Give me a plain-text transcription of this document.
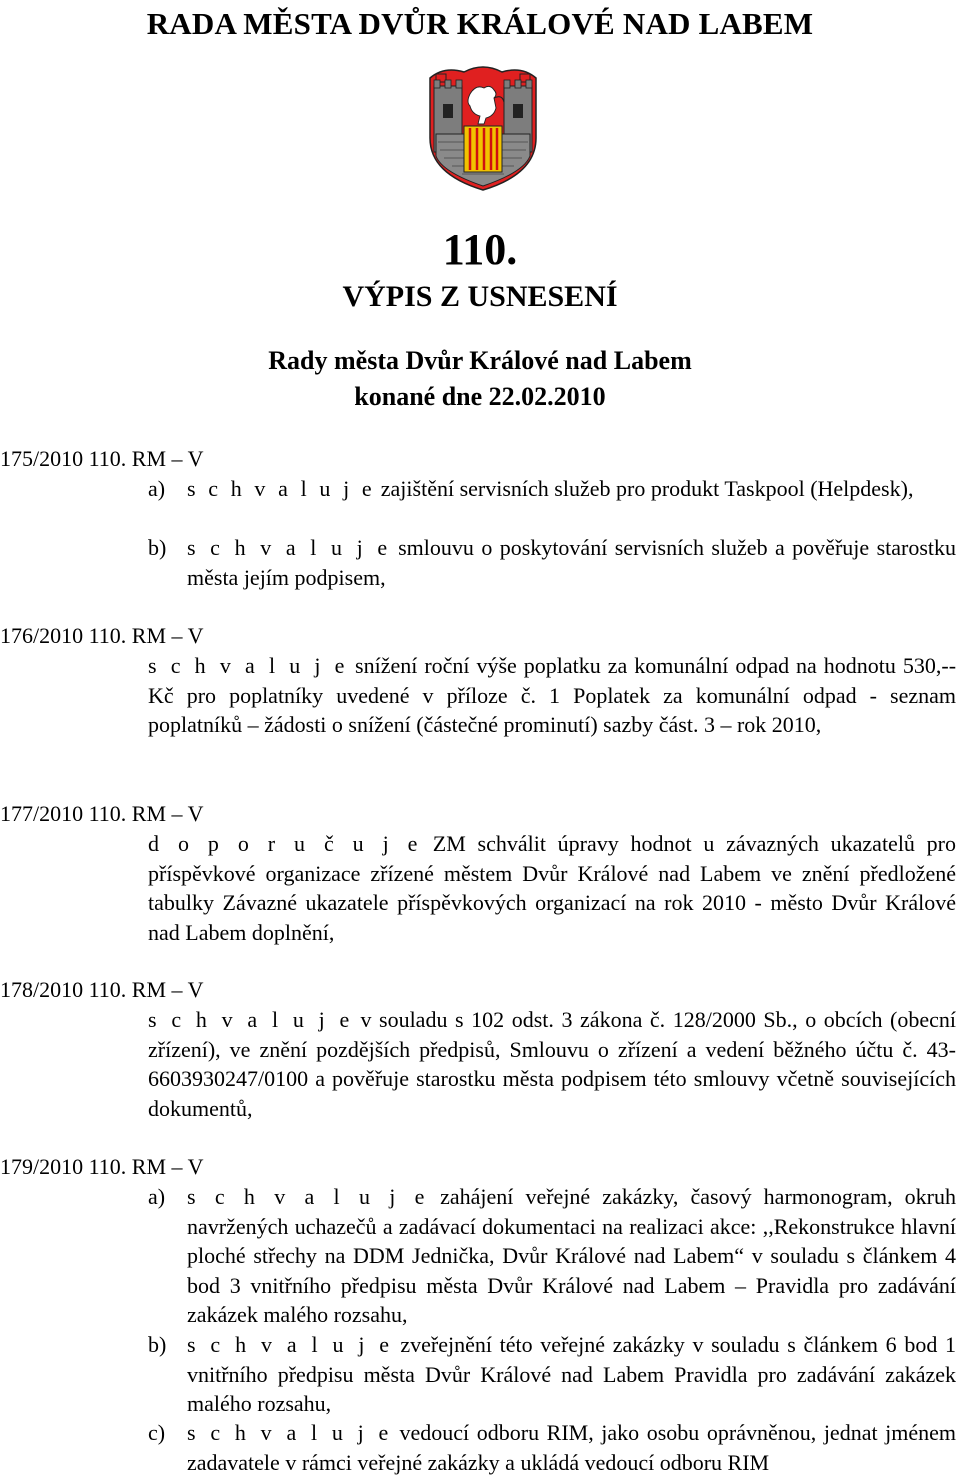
RADA MĚSTA DVŮR KRÁLOVÉ NAD LABEM
110.
VÝPIS Z USNESENÍ
Rady města Dvůr Králové nad Labem
konané dne 22.02.2010
175/2010 110. RM – V
a) s c h v a l u j e zajištění servisních služeb pro produkt Taskpool (Helpdesk),
b) s c h v a l u j e smlouvu o poskytování servisních služeb a pověřuje starostku města jejím podpisem,
176/2010 110. RM – V
s c h v a l u j e snížení roční výše poplatku za komunální odpad na hodnotu 530,-- Kč pro poplatníky uvedené v příloze č. 1 Poplatek za komunální odpad - seznam poplatníků – žádosti o snížení (částečné prominutí) sazby část. 3 – rok 2010,
177/2010 110. RM – V
d o p o r u č u j e ZM schválit úpravy hodnot u závazných ukazatelů pro příspěvkové organizace zřízené městem Dvůr Králové nad Labem ve znění předložené tabulky Závazné ukazatele příspěvkových organizací na rok 2010 - město Dvůr Králové nad Labem doplnění,
178/2010 110. RM – V
s c h v a l u j e v souladu s 102 odst. 3 zákona č. 128/2000 Sb., o obcích (obecní zřízení), ve znění pozdějších předpisů, Smlouvu o zřízení a vedení běžného účtu č. 43-6603930247/0100 a pověřuje starostku města podpisem této smlouvy včetně souvisejících dokumentů,
179/2010 110. RM – V
a) s c h v a l u j e zahájení veřejné zakázky, časový harmonogram, okruh navržených uchazečů a zadávací dokumentaci na realizaci akce: ,,Rekonstrukce hlavní ploché střechy na DDM Jednička, Dvůr Králové nad Labem“ v souladu s článkem 4 bod 3 vnitřního předpisu města Dvůr Králové nad Labem – Pravidla pro zadávání zakázek malého rozsahu,
b) s c h v a l u j e zveřejnění této veřejné zakázky v souladu s článkem 6 bod 1 vnitřního předpisu města Dvůr Králové nad Labem Pravidla pro zadávání zakázek malého rozsahu,
c) s c h v a l u j e vedoucí odboru RIM, jako osobu oprávněnou, jednat jménem zadavatele v rámci veřejné zakázky a ukládá vedoucí odboru RIM
